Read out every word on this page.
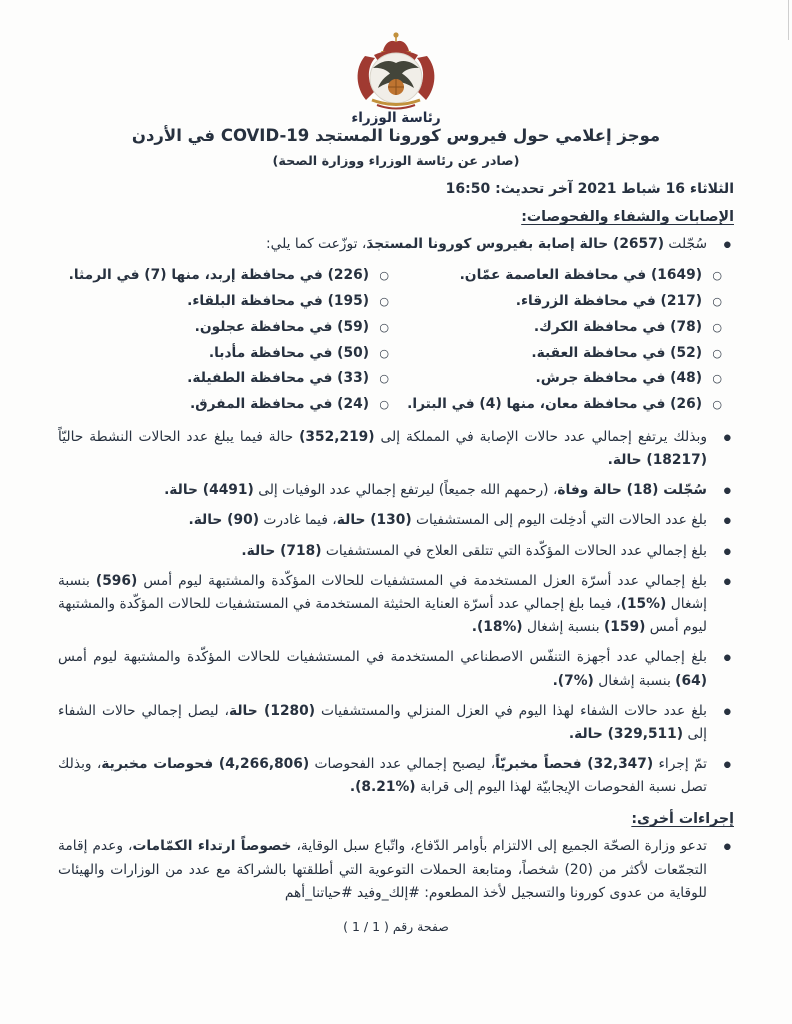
رئاسة الوزراء
موجز إعلامي حول فيروس كورونا المستجد COVID-19 في الأردن
(صادر عن رئاسة الوزراء ووزارة الصحة)
الثلاثاء 16 شباط 2021 آخر تحديث: 16:50
الإصابات والشفاء والفحوصات:
● سُجّلت (2657) حالة إصابة بفيروس كورونا المستجدَ، توزّعت كما يلي:
○ (1649) في محافظة العاصمة عمّان.
○ (217) في محافظة الزرقاء.
○ (78) في محافظة الكرك.
○ (52) في محافظة العقبة.
○ (48) في محافظة جرش.
○ (26) في محافظة معان، منها (4) في البترا.
○ (226) في محافظة إربد، منها (7) في الرمثا.
○ (195) في محافظة البلقاء.
○ (59) في محافظة عجلون.
○ (50) في محافظة مأدبا.
○ (33) في محافظة الطفيلة.
○ (24) في محافظة المفرق.
● وبذلك يرتفع إجمالي عدد حالات الإصابة في المملكة إلى (352,219) حالة فيما يبلغ عدد الحالات النشطة حاليّاً (18217) حالة.
● سُجّلت (18) حالة وفاة، (رحمهم الله جميعاً) ليرتفع إجمالي عدد الوفيات إلى (4491) حالة.
● بلغ عدد الحالات التي أدخِلت اليوم إلى المستشفيات (130) حالة، فيما غادرت (90) حالة.
● بلغ إجمالي عدد الحالات المؤكّدة التي تتلقى العلاج في المستشفيات (718) حالة.
● بلغ إجمالي عدد أسرّة العزل المستخدمة في المستشفيات للحالات المؤكّدة والمشتبهة ليوم أمس (596) بنسبة إشغال (%15)، فيما بلغ إجمالي عدد أسرّة العناية الحثيثة المستخدمة في المستشفيات للحالات المؤكّدة والمشتبهة ليوم أمس (159) بنسبة إشغال (%18).
● بلغ إجمالي عدد أجهزة التنفّس الاصطناعي المستخدمة في المستشفيات للحالات المؤكّدة والمشتبهة ليوم أمس (64) بنسبة إشغال (%7).
● بلغ عدد حالات الشفاء لهذا اليوم في العزل المنزلي والمستشفيات (1280) حالة، ليصل إجمالي حالات الشفاء إلى (329,511) حالة.
● تمّ إجراء (32,347) فحصاً مخبريّاً، ليصبح إجمالي عدد الفحوصات (4,266,806) فحوصات مخبرية، وبذلك تصل نسبة الفحوصات الإيجابيّة لهذا اليوم إلى قرابة (%8.21).
إجراءات أخرى:
● تدعو وزارة الصحّة الجميع إلى الالتزام بأوامر الدّفاع، واتّباع سبل الوقاية، خصوصاً ارتداء الكمّامات، وعدم إقامة التجمّعات لأكثر من (20) شخصاً، ومتابعة الحملات التوعوية التي أطلقتها بالشراكة مع عدد من الوزارات والهيئات للوقاية من عدوى كورونا والتسجيل لأخذ المطعوم: #إلك_وفيد #حياتنا_أهم
صفحة رقم ( 1 / 1 )
